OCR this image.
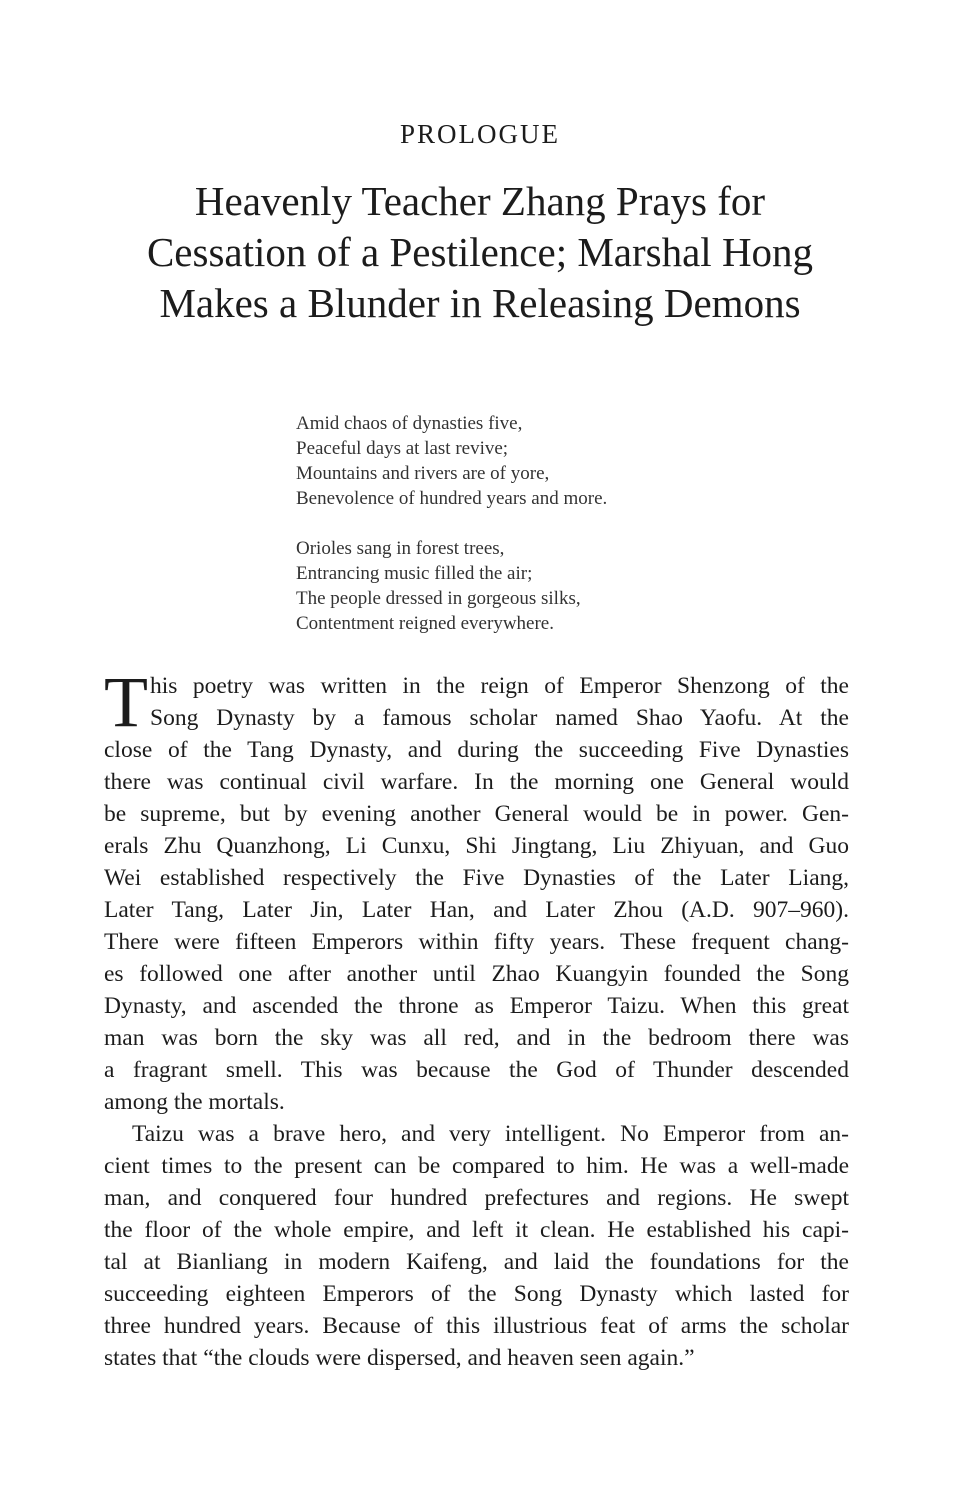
PROLOGUE
Heavenly Teacher Zhang Prays for
Cessation of a Pestilence; Marshal Hong
Makes a Blunder in Releasing Demons
Amid chaos of dynasties five,
Peaceful days at last revive;
Mountains and rivers are of yore,
Benevolence of hundred years and more.
Orioles sang in forest trees,
Entrancing music filled the air;
The people dressed in gorgeous silks,
Contentment reigned everywhere.
T his poetry was written in the reign of Emperor Shenzong of the
Song Dynasty by a famous scholar named Shao Yaofu. At the
close of the Tang Dynasty, and during the succeeding Five Dynasties
there was continual civil warfare. In the morning one General would
be supreme, but by evening another General would be in power. Gen-
erals Zhu Quanzhong, Li Cunxu, Shi Jingtang, Liu Zhiyuan, and Guo
Wei established respectively the Five Dynasties of the Later Liang,
Later Tang, Later Jin, Later Han, and Later Zhou (A.D. 907–960).
There were fifteen Emperors within fifty years. These frequent chang-
es followed one after another until Zhao Kuangyin founded the Song
Dynasty, and ascended the throne as Emperor Taizu. When this great
man was born the sky was all red, and in the bedroom there was
a fragrant smell. This was because the God of Thunder descended
among the mortals.
Taizu was a brave hero, and very intelligent. No Emperor from an-
cient times to the present can be compared to him. He was a well-made
man, and conquered four hundred prefectures and regions. He swept
the floor of the whole empire, and left it clean. He established his capi-
tal at Bianliang in modern Kaifeng, and laid the foundations for the
succeeding eighteen Emperors of the Song Dynasty which lasted for
three hundred years. Because of this illustrious feat of arms the scholar
states that “the clouds were dispersed, and heaven seen again.”
